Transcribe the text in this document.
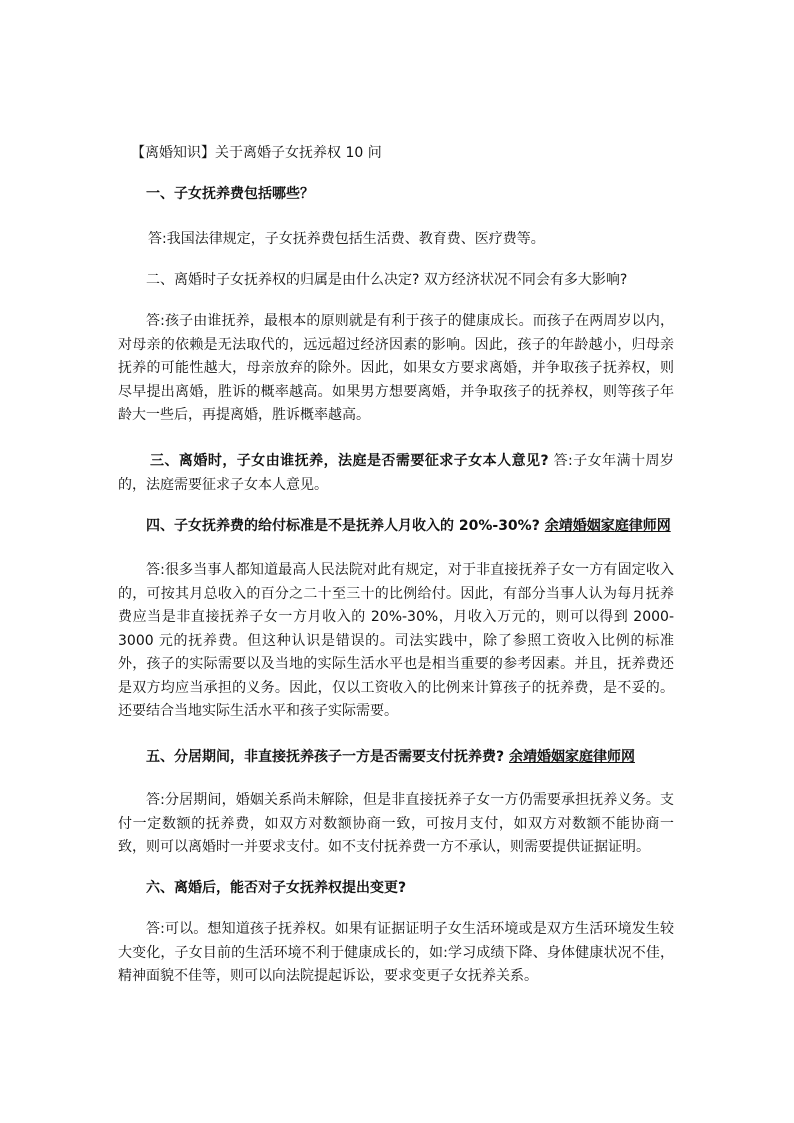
【离婚知识】关于离婚子女抚养权 10 问
一、子女抚养费包括哪些？

答:我国法律规定，子女抚养费包括生活费、教育费、医疗费等。

二、离婚时子女抚养权的归属是由什么决定? 双方经济状况不同会有多大影响?

答:孩子由谁抚养，最根本的原则就是有利于孩子的健康成长。而孩子在两周岁以内，对母亲的依赖是无法取代的，远远超过经济因素的影响。因此，孩子的年龄越小，归母亲抚养的可能性越大，母亲放弃的除外。因此，如果女方要求离婚，并争取孩子抚养权，则尽早提出离婚，胜诉的概率越高。如果男方想要离婚，并争取孩子的抚养权，则等孩子年龄大一些后，再提离婚，胜诉概率越高。

三、离婚时，子女由谁抚养，法庭是否需要征求子女本人意见? 答:子女年满十周岁的，法庭需要征求子女本人意见。

四、子女抚养费的给付标准是不是抚养人月收入的 20%-30%? 余靖婚姻家庭律师网

答:很多当事人都知道最高人民法院对此有规定，对于非直接抚养子女一方有固定收入的，可按其月总收入的百分之二十至三十的比例给付。因此，有部分当事人认为每月抚养费应当是非直接抚养子女一方月收入的 20%-30%，月收入万元的，则可以得到 2000-3000 元的抚养费。但这种认识是错误的。司法实践中，除了参照工资收入比例的标准外，孩子的实际需要以及当地的实际生活水平也是相当重要的参考因素。并且，抚养费还是双方均应当承担的义务。因此，仅以工资收入的比例来计算孩子的抚养费，是不妥的。还要结合当地实际生活水平和孩子实际需要。

五、分居期间，非直接抚养孩子一方是否需要支付抚养费? 余靖婚姻家庭律师网

答:分居期间，婚姻关系尚未解除，但是非直接抚养子女一方仍需要承担抚养义务。支付一定数额的抚养费，如双方对数额协商一致，可按月支付，如双方对数额不能协商一致，则可以离婚时一并要求支付。如不支付抚养费一方不承认，则需要提供证据证明。

六、离婚后，能否对子女抚养权提出变更?

答:可以。想知道孩子抚养权。如果有证据证明子女生活环境或是双方生活环境发生较大变化，子女目前的生活环境不利于健康成长的，如:学习成绩下降、身体健康状况不佳，精神面貌不佳等，则可以向法院提起诉讼，要求变更子女抚养关系。
